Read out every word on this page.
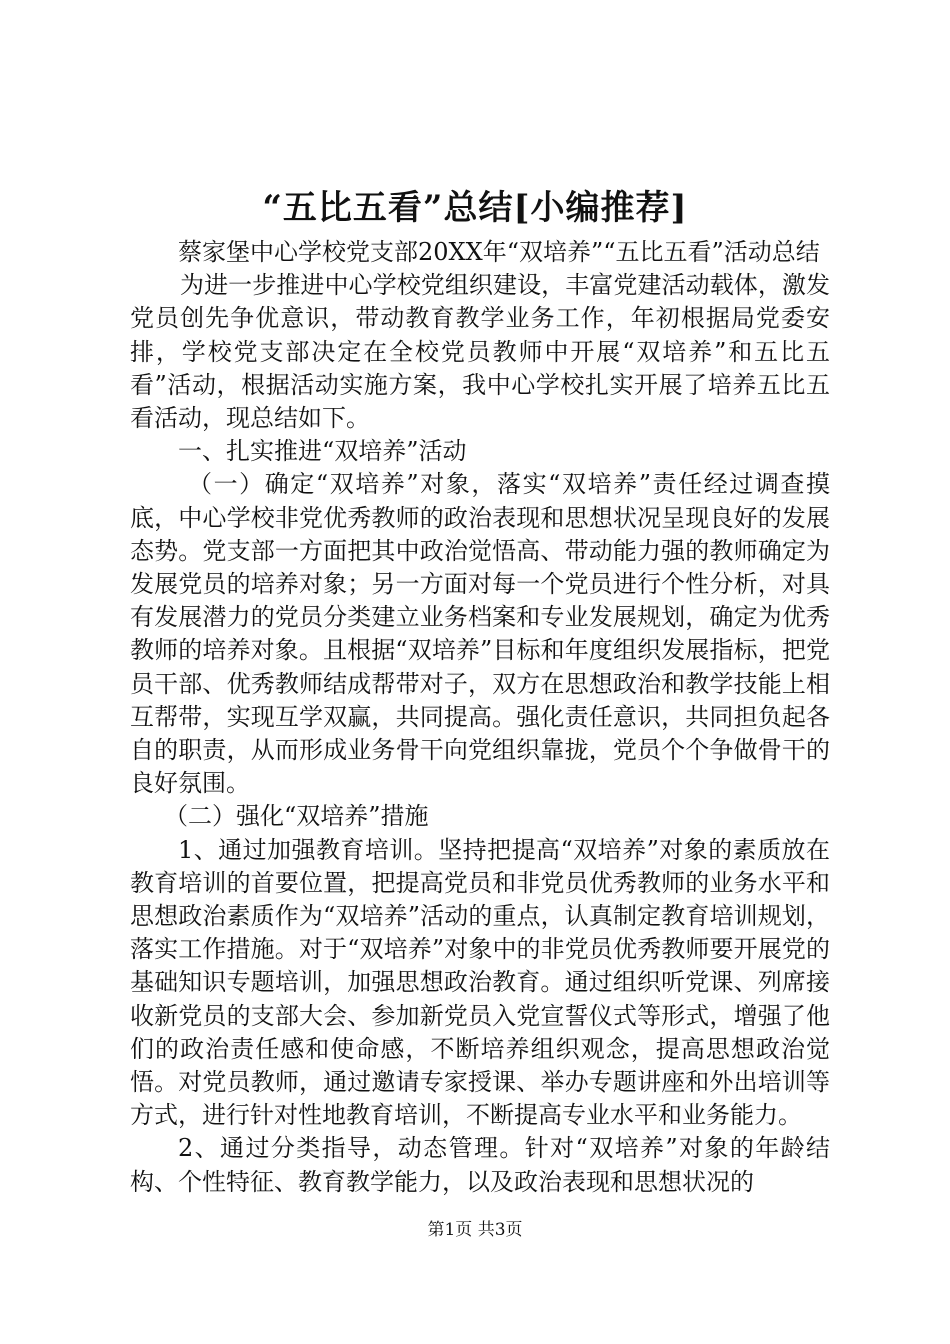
“五比五看”总结[小编推荐]

蔡家堡中心学校党支部20XX年“双培养”“五比五看”活动总结

为进一步推进中心学校党组织建设，丰富党建活动载体，激发党员创先争优意识，带动教育教学业务工作，年初根据局党委安排，学校党支部决定在全校党员教师中开展“双培养”和五比五看”活动，根据活动实施方案，我中心学校扎实开展了培养五比五看活动，现总结如下。

一、扎实推进“双培养”活动

（一）确定“双培养”对象，落实“双培养”责任经过调查摸底，中心学校非党优秀教师的政治表现和思想状况呈现良好的发展态势。党支部一方面把其中政治觉悟高、带动能力强的教师确定为发展党员的培养对象；另一方面对每一个党员进行个性分析，对具有发展潜力的党员分类建立业务档案和专业发展规划，确定为优秀教师的培养对象。且根据“双培养”目标和年度组织发展指标，把党员干部、优秀教师结成帮带对子，双方在思想政治和教学技能上相互帮带，实现互学双赢，共同提高。强化责任意识，共同担负起各自的职责，从而形成业务骨干向党组织靠拢，党员个个争做骨干的良好氛围。

（二）强化“双培养”措施

1、通过加强教育培训。坚持把提高“双培养”对象的素质放在教育培训的首要位置，把提高党员和非党员优秀教师的业务水平和思想政治素质作为“双培养”活动的重点，认真制定教育培训规划，落实工作措施。对于“双培养”对象中的非党员优秀教师要开展党的基础知识专题培训，加强思想政治教育。通过组织听党课、列席接收新党员的支部大会、参加新党员入党宣誓仪式等形式，增强了他们的政治责任感和使命感，不断培养组织观念，提高思想政治觉悟。对党员教师，通过邀请专家授课、举办专题讲座和外出培训等方式，进行针对性地教育培训，不断提高专业水平和业务能力。

2、通过分类指导，动态管理。针对“双培养”对象的年龄结构、个性特征、教育教学能力，以及政治表现和思想状况的

第1页 共3页
